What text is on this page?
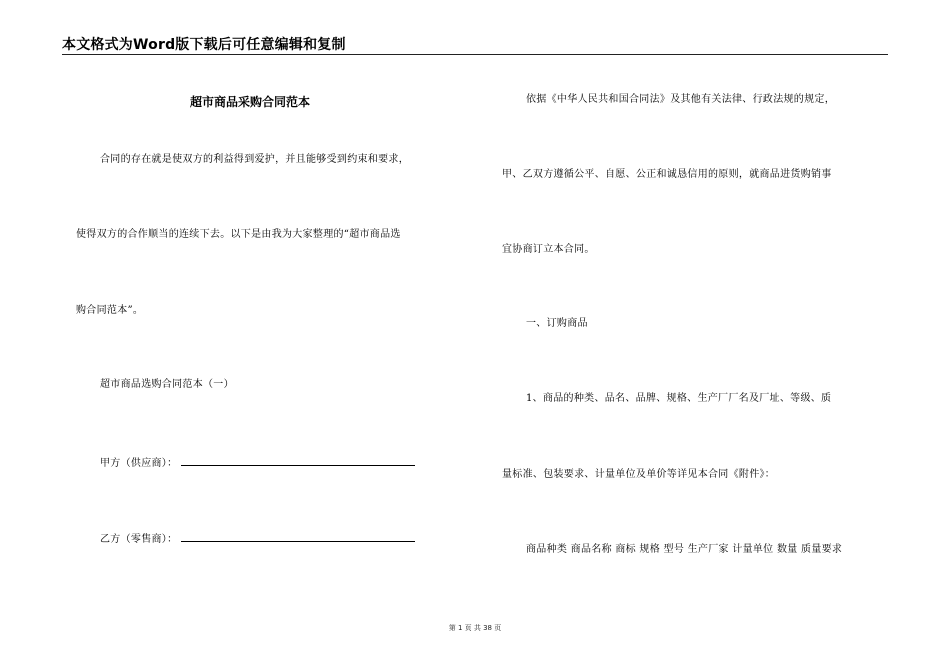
本文格式为Word版下载后可任意编辑和复制
超市商品采购合同范本
合同的存在就是使双方的利益得到爱护，并且能够受到约束和要求，
使得双方的合作顺当的连续下去。以下是由我为大家整理的“超市商品选
购合同范本”。
超市商品选购合同范本（一）
甲方（供应商）：
乙方（零售商）：
依据《中华人民共和国合同法》及其他有关法律、行政法规的规定，
甲、乙双方遵循公平、自愿、公正和诚恳信用的原则，就商品进货购销事
宜协商订立本合同。
一、订购商品
1、商品的种类、品名、品牌、规格、生产厂厂名及厂址、等级、质
量标准、包装要求、计量单位及单价等详见本合同《附件》：
商品种类 商品名称 商标 规格 型号 生产厂家 计量单位 数量 质量要求
第 1 页 共 38 页
